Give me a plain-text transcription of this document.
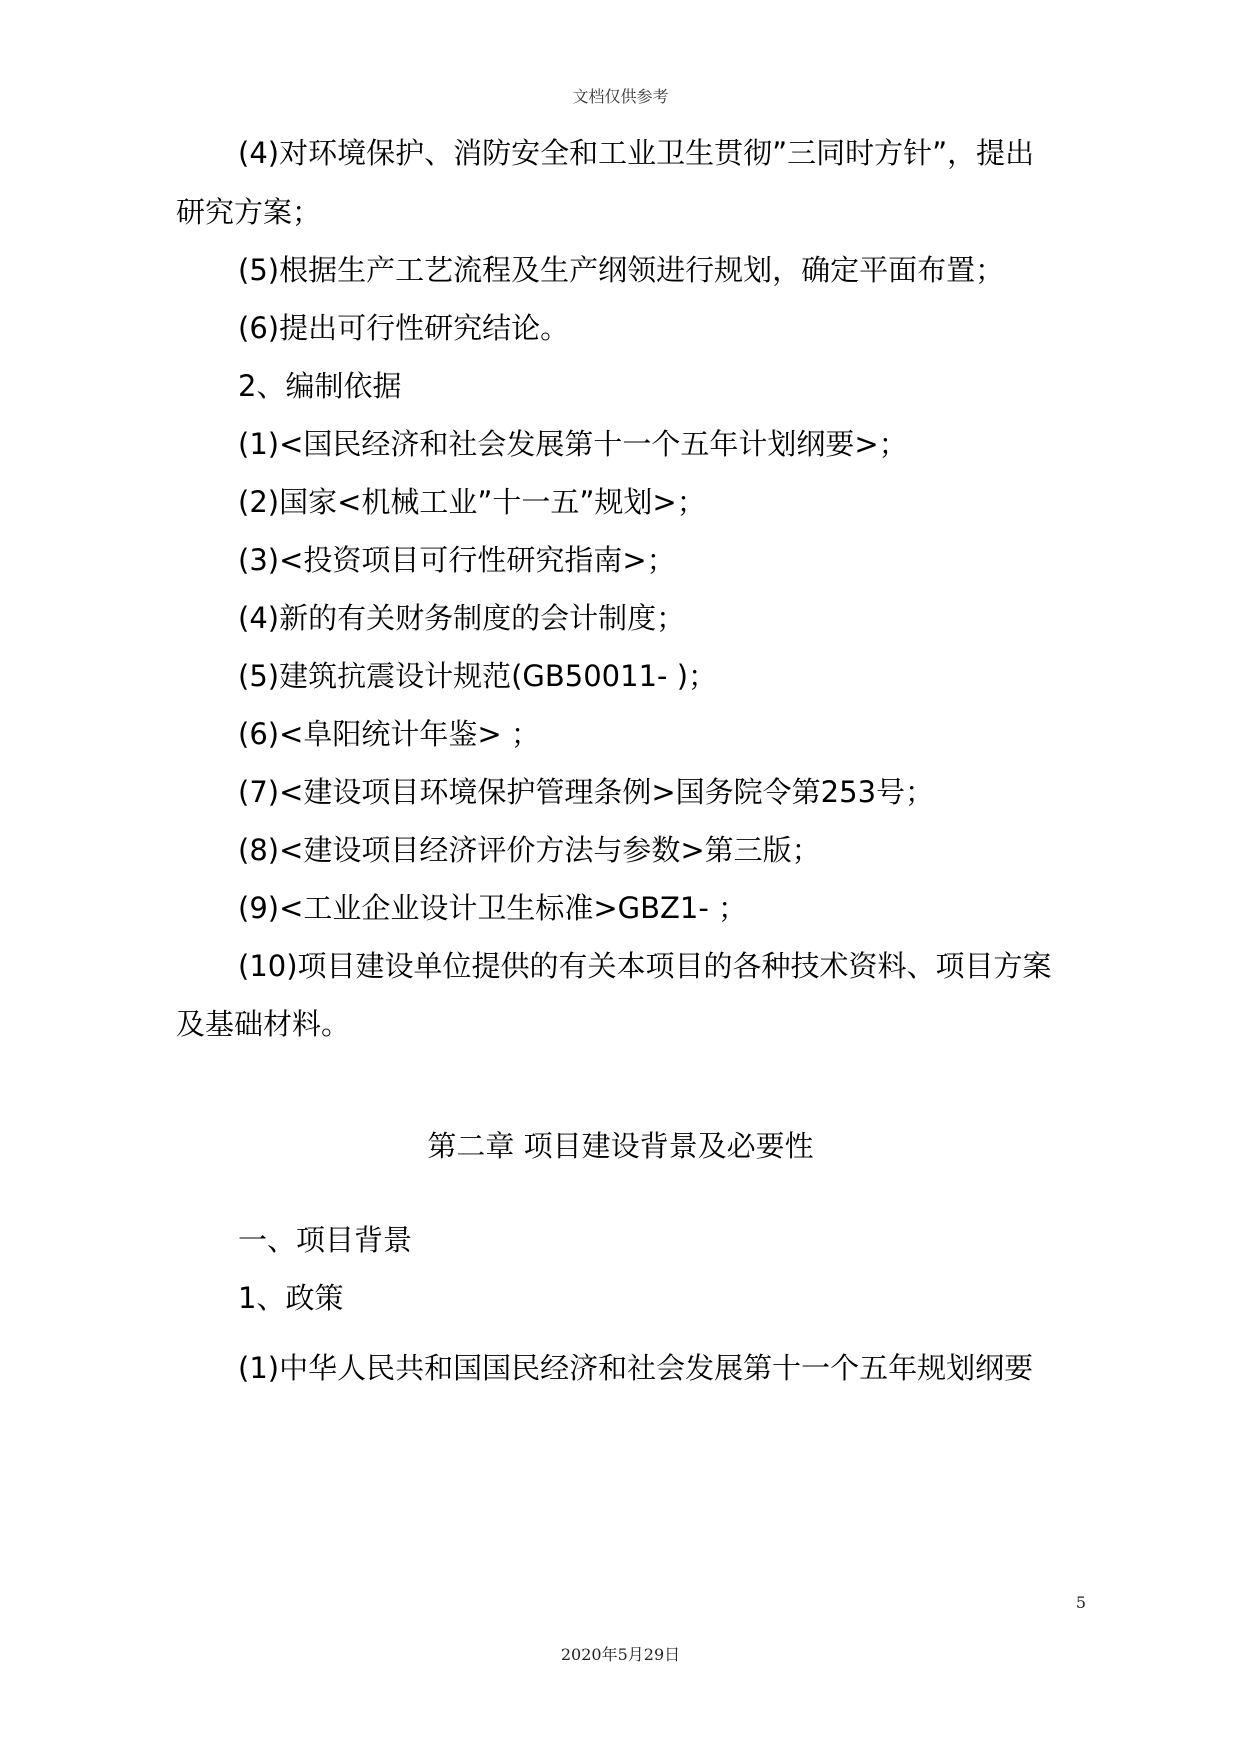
文档仅供参考
(4)对环境保护、消防安全和工业卫生贯彻”三同时方针”，提出
研究方案；
(5)根据生产工艺流程及生产纲领进行规划，确定平面布置；
(6)提出可行性研究结论。
2、编制依据
(1)<国民经济和社会发展第十一个五年计划纲要>；
(2)国家<机械工业”十一五”规划>；
(3)<投资项目可行性研究指南>；
(4)新的有关财务制度的会计制度；
(5)建筑抗震设计规范(GB50011- )；
(6)<阜阳统计年鉴> ；
(7)<建设项目环境保护管理条例>国务院令第253号；
(8)<建设项目经济评价方法与参数>第三版；
(9)<工业企业设计卫生标准>GBZ1- ；
(10)项目建设单位提供的有关本项目的各种技术资料、项目方案
及基础材料。
第二章 项目建设背景及必要性
一、项目背景
1、政策
(1)中华人民共和国国民经济和社会发展第十一个五年规划纲要
5
2020年5月29日
